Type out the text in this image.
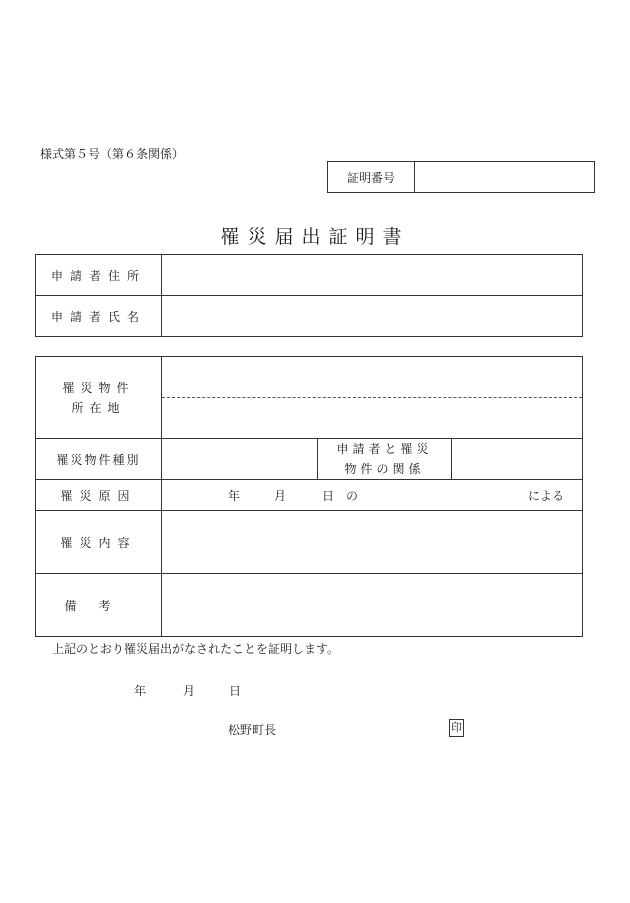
様式第５号（第６条関係）
証明番号
罹災届出証明書
申請者住所	
申請者氏名	
罹災物件
所在地			

罹災物件種別		申請者と罹災
物件の関係	

罹災原因	年 月 日 の による		

罹災内容			
備考			
上記のとおり罹災届出がなされたことを証明します。
年	月	日
松野町長	印
